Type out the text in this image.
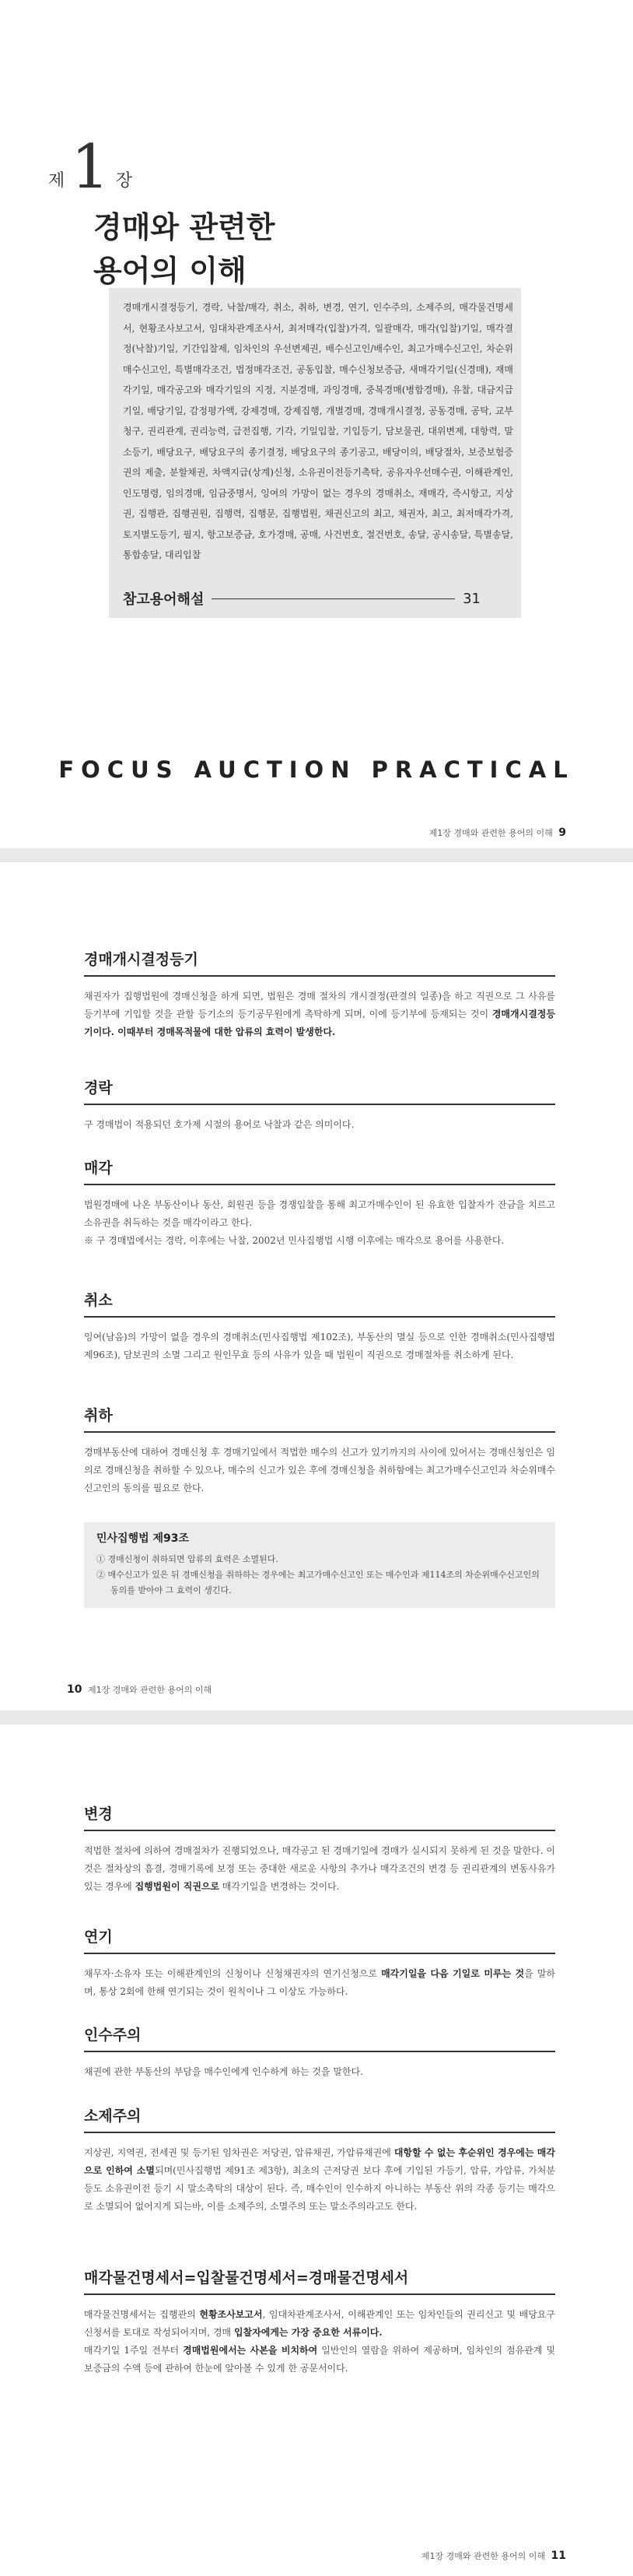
제 1 장
경매와 관련한
용어의 이해
경매개시결정등기, 경락, 낙찰/매각, 취소, 취하, 변경, 연기, 인수주의, 소제주의, 매각물건명세서, 현황조사보고서, 임대차관계조사서, 최저매각(입찰)가격, 일괄매각, 매각(입찰)기일, 매각결정(낙찰)기일, 기간입찰제, 임차인의 우선변제권, 배수신고인/배수인, 최고가매수신고인, 차순위매수신고인, 특별매각조건, 법정매각조건, 공동입찰, 매수신청보증금, 새매각기일(신경매), 재매각기일, 매각공고와 매각기일의 지정, 지분경매, 과잉경매, 중복경매(병합경매), 유찰, 대금지급기일, 배당기일, 감정평가액, 강제경매, 강제집행, 개별경매, 경매개시결정, 공동경매, 공탁, 교부청구, 권리관계, 권리능력, 급전집행, 기각, 기일입찰, 기입등기, 담보물권, 대위변제, 대항력, 말소등기, 배당요구, 배당요구의 종기결정, 배당요구의 종기공고, 배당이의, 배당절차, 보증보험증권의 제출, 분할채권, 차액지급(상계)신청, 소유권이전등기촉탁, 공유자우선매수권, 이해관계인, 인도명령, 임의경매, 임금중명서, 잉여의 가망이 없는 경우의 경매취소, 재매각, 즉시항고, 지상권, 집행관, 집행권원, 집행력, 집행문, 집행법원, 채권신고의 최고, 채권자, 최고, 최저매각가격, 토지별도등기, 필지, 항고보증금, 호가경매, 공매, 사건번호, 절건번호, 송달, 공시송달, 특별송달, 통합송달, 대리입찰
참고용어해설	31
FOCUS AUCTION PRACTICAL
제1장 경매와 관련한 용어의 이해 9
경매개시결정등기

채권자가 집행법원에 경매신청을 하게 되면, 법원은 경매 절차의 개시결정(판결의 일종)을 하고 직권으로 그 사유를 등기부에 기입할 것을 관할 등기소의 등기공무원에게 촉탁하게 되며, 이에 등기부에 등재되는 것이 경매개시결정등기이다. 이때부터 경매목적물에 대한 압류의 효력이 발생한다.

경락

구 경매법이 적용되던 호가제 시절의 용어로 낙찰과 같은 의미이다.

매각

법원경매에 나온 부동산이나 동산, 회원권 등을 경쟁입찰을 통해 최고가매수인이 된 유효한 입찰자가 잔금을 치르고 소유권을 취득하는 것을 매각이라고 한다.

※ 구 경매법에서는 경락, 이후에는 낙찰, 2002년 민사집행법 시행 이후에는 매각으로 용어를 사용한다.

취소

잉여(남음)의 가망이 없을 경우의 경매취소(민사집행법 제102조), 부동산의 멸실 등으로 인한 경매취소(민사집행법 제96조), 담보권의 소멸 그리고 원인무효 등의 사유가 있을 때 법원이 직권으로 경매절차를 취소하게 된다.

취하

경매부동산에 대하여 경매신청 후 경매기일에서 적법한 매수의 신고가 있기까지의 사이에 있어서는 경매신청인은 임의로 경매신청을 취하할 수 있으나, 매수의 신고가 있은 후에 경매신청을 취하함에는 최고가매수신고인과 차순위매수신고인의 동의를 필요로 한다.

민사집행법 제93조

① 경매신청이 취하되면 압류의 효력은 소멸된다.

② 매수신고가 있은 뒤 경매신청을 취하하는 경우에는 최고가매수신고인 또는 매수인과 제114조의 차순위매수신고인의 동의를 받아야 그 효력이 생긴다.

10 제1장 경매와 관련한 용어의 이해
변경

적법한 절차에 의하여 경매절차가 진행되었으나, 매각공고 된 경매기일에 경매가 실시되지 못하게 된 것을 말한다. 이것은 절차상의 흠결, 경매기록에 보정 또는 중대한 새로운 사항의 추가나 매각조건의 변경 등 권리관계의 변동사유가 있는 경우에 집행법원이 직권으로 매각기일을 변경하는 것이다.

연기

채무자·소유자 또는 이해관계인의 신청이나 신청채권자의 연기신청으로 매각기일을 다음 기일로 미루는 것을 말하며, 통상 2회에 한해 연기되는 것이 원칙이나 그 이상도 가능하다.

인수주의

채권에 관한 부동산의 부담을 매수인에게 인수하게 하는 것을 말한다.

소제주의

지상권, 지역권, 전세권 및 등기된 임차권은 저당권, 압류채권, 가압류채권에 대항할 수 없는 후순위인 경우에는 매각으로 인하여 소멸되며(민사집행법 제91조 제3항), 최초의 근저당권 보다 후에 기입된 가등기, 압류, 가압류, 가처분 등도 소유권이전 등기 시 말소촉탁의 대상이 된다. 즉, 매수인이 인수하지 아니하는 부동산 위의 각종 등기는 매각으로 소멸되어 없어지게 되는바, 이를 소제주의, 소멸주의 또는 말소주의라고도 한다.

매각물건명세서=입찰물건명세서=경매물건명세서

매각물건명세서는 집행관의 현황조사보고서, 임대차관계조사서, 이해관계인 또는 임차인들의 권리신고 및 배당요구신청서를 토대로 작성되어지며, 경매 입찰자에게는 가장 중요한 서류이다.

매각기일 1주일 전부터 경매법원에서는 사본을 비치하여 일반인의 열람을 위하여 제공하며, 임차인의 점유관계 및 보증금의 수액 등에 관하여 한눈에 알아볼 수 있게 한 공문서이다.

제1장 경매와 관련한 용어의 이해 11
